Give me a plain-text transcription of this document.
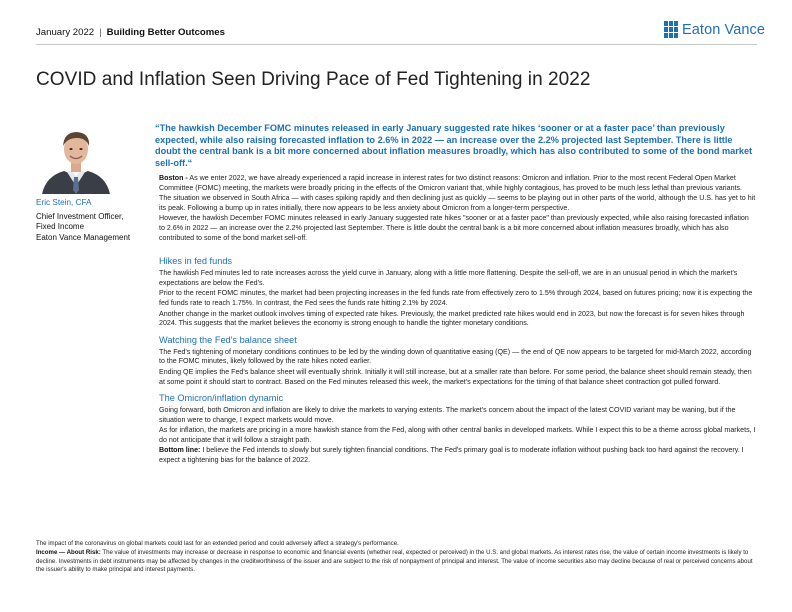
January 2022 | Building Better Outcomes	Eaton Vance
COVID and Inflation Seen Driving Pace of Fed Tightening in 2022
Eric Stein, CFA
Chief Investment Officer,
Fixed Income
Eaton Vance Management
“The hawkish December FOMC minutes released in early January suggested rate hikes ‘sooner or at a faster pace’ than previously expected, while also raising forecasted inflation to 2.6% in 2022 — an increase over the 2.2% projected last September. There is little doubt the central bank is a bit more concerned about inflation measures broadly, which has also contributed to some of the bond market sell-off.“

Boston - As we enter 2022, we have already experienced a rapid increase in interest rates for two distinct reasons: Omicron and inflation. Prior to the most recent Federal Open Market Committee (FOMC) meeting, the markets were broadly pricing in the effects of the Omicron variant that, while highly contagious, has proved to be much less lethal than previous variants.

The situation we observed in South Africa — with cases spiking rapidly and then declining just as quickly — seems to be playing out in other parts of the world, although the U.S. has yet to hit its peak. Following a bump up in rates initially, there now appears to be less anxiety about Omicron from a longer-term perspective.

However, the hawkish December FOMC minutes released in early January suggested rate hikes "sooner or at a faster pace" than previously expected, while also raising forecasted inflation to 2.6% in 2022 — an increase over the 2.2% projected last September. There is little doubt the central bank is a bit more concerned about inflation measures broadly, which has also contributed to some of the bond market sell-off.

Hikes in fed funds

The hawkish Fed minutes led to rate increases across the yield curve in January, along with a little more flattening. Despite the sell-off, we are in an unusual period in which the market's expectations are below the Fed's.

Prior to the recent FOMC minutes, the market had been projecting increases in the fed funds rate from effectively zero to 1.5% through 2024, based on futures pricing; now it is expecting the fed funds rate to reach 1.75%. In contrast, the Fed sees the funds rate hitting 2.1% by 2024.

Another change in the market outlook involves timing of expected rate hikes. Previously, the market predicted rate hikes would end in 2023, but now the forecast is for seven hikes through 2024. This suggests that the market believes the economy is strong enough to handle the tighter monetary conditions.

Watching the Fed's balance sheet

The Fed's tightening of monetary conditions continues to be led by the winding down of quantitative easing (QE) — the end of QE now appears to be targeted for mid-March 2022, according to the FOMC minutes, likely followed by the rate hikes noted earlier.

Ending QE implies the Fed's balance sheet will eventually shrink. Initially it will still increase, but at a smaller rate than before. For some period, the balance sheet should remain steady, then at some point it should start to contract. Based on the Fed minutes released this week, the market's expectations for the timing of that balance sheet contraction got pulled forward.

The Omicron/inflation dynamic

Going forward, both Omicron and inflation are likely to drive the markets to varying extents. The market's concern about the impact of the latest COVID variant may be waning, but if the situation were to change, I expect markets would move.

As for inflation, the markets are pricing in a more hawkish stance from the Fed, along with other central banks in developed markets. While I expect this to be a theme across global markets, I do not anticipate that it will follow a straight path.

Bottom line: I believe the Fed intends to slowly but surely tighten financial conditions. The Fed's primary goal is to moderate inflation without pushing back too hard against the recovery. I expect a tightening bias for the balance of 2022.

The impact of the coronavirus on global markets could last for an extended period and could adversely affect a strategy's performance.

Income — About Risk: The value of investments may increase or decrease in response to economic and financial events (whether real, expected or perceived) in the U.S. and global markets. As interest rates rise, the value of certain income investments is likely to decline. Investments in debt instruments may be affected by changes in the creditworthiness of the issuer and are subject to the risk of nonpayment of principal and interest. The value of income securities also may decline because of real or perceived concerns about the issuer's ability to make principal and interest payments.
